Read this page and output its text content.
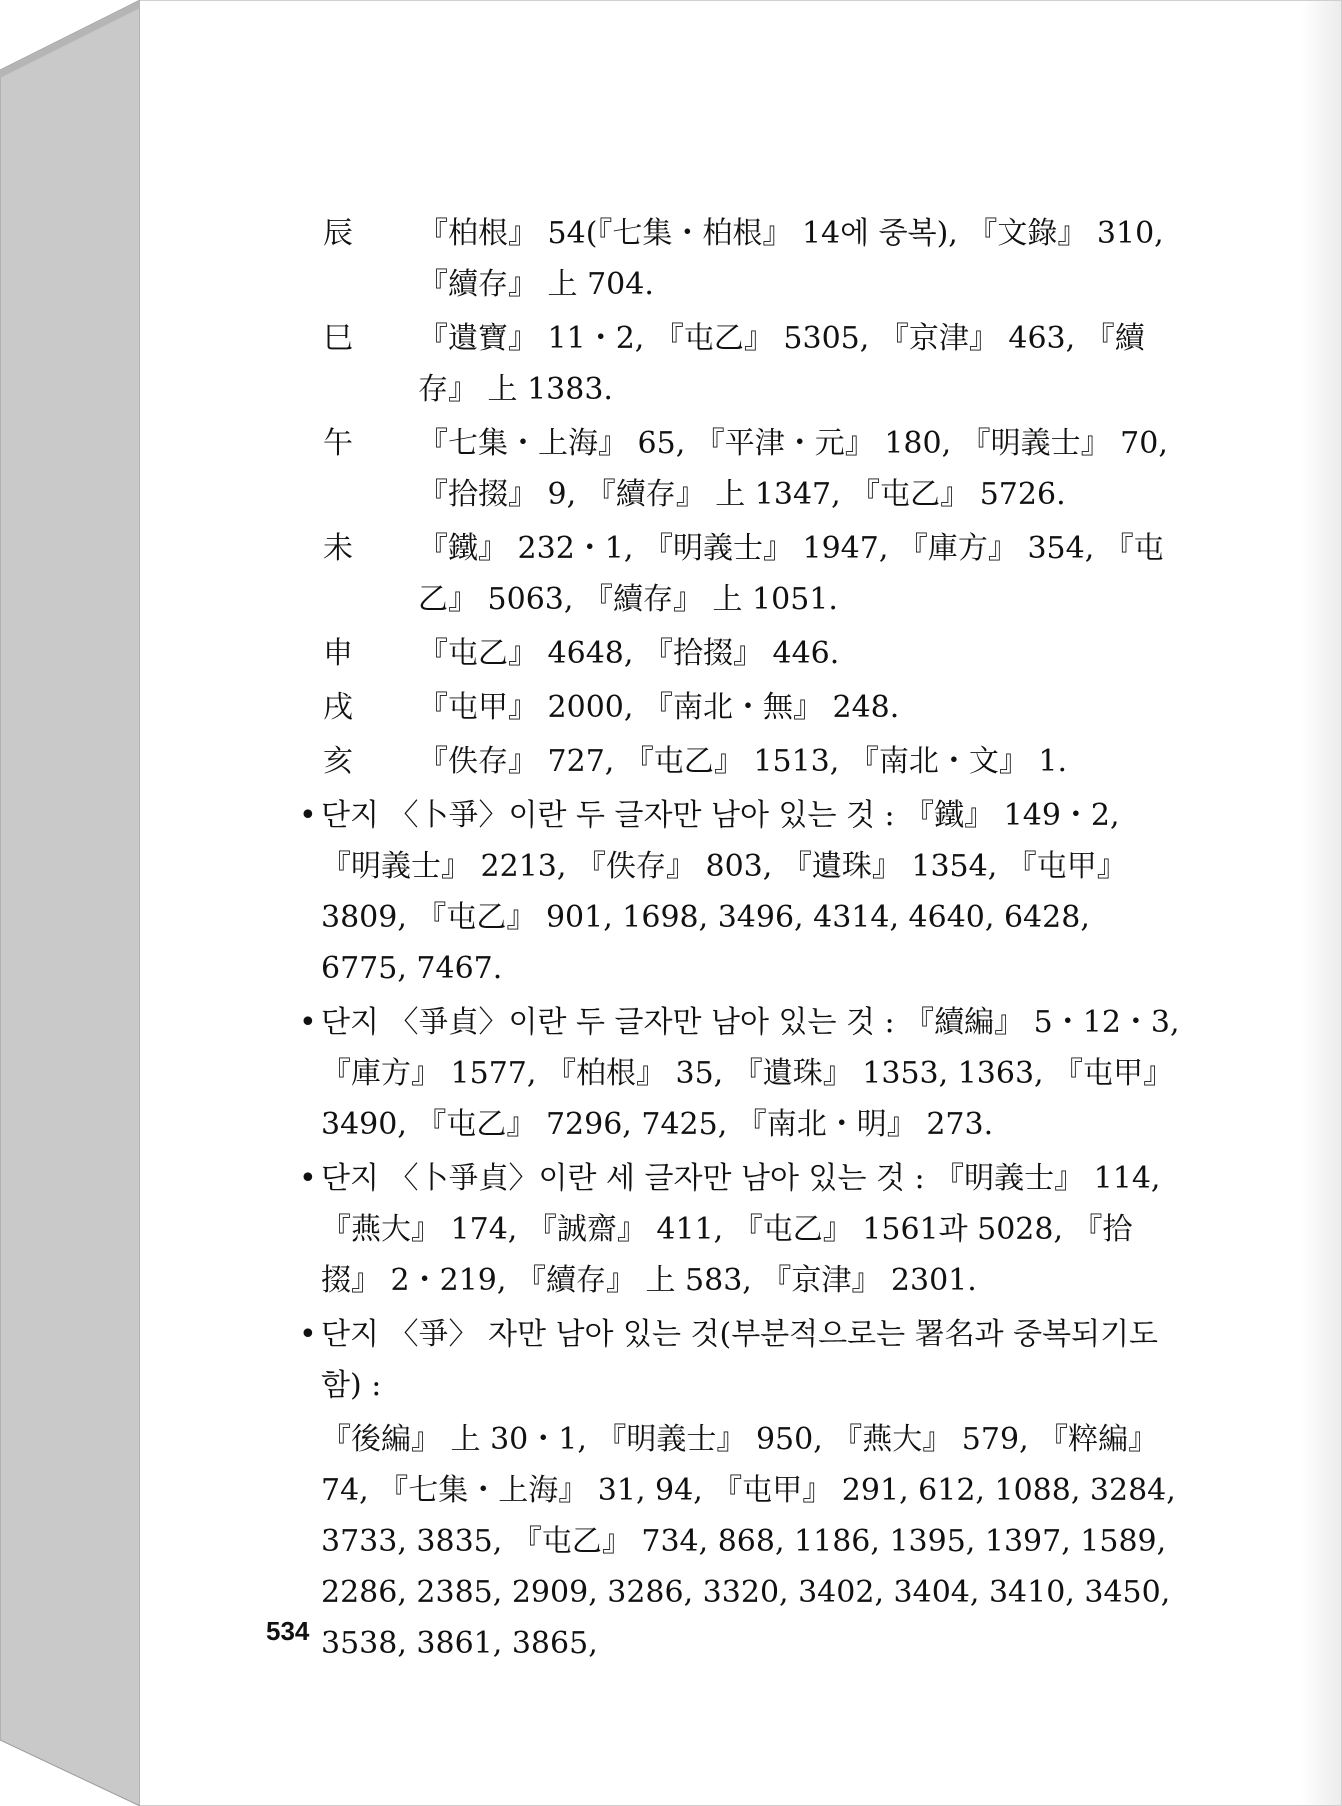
辰	『柏根』 54(『七集・柏根』 14에 중복), 『文錄』 310, 『續存』 上 704.
巳	『遺寶』 11・2, 『屯乙』 5305, 『京津』 463, 『續存』 上 1383.
午	『七集・上海』 65, 『平津・元』 180, 『明義士』 70, 『拾掇』 9, 『續存』 上 1347, 『屯乙』 5726.
未	『鐵』 232・1, 『明義士』 1947, 『庫方』 354, 『屯乙』 5063, 『續存』 上 1051.
申	『屯乙』 4648, 『拾掇』 446.
戌	『屯甲』 2000, 『南北・無』 248.
亥	『佚存』 727, 『屯乙』 1513, 『南北・文』 1.
• 단지 〈卜爭〉이란 두 글자만 남아 있는 것 : 『鐵』 149・2, 『明義士』 2213, 『佚存』 803, 『遺珠』 1354, 『屯甲』 3809, 『屯乙』 901, 1698, 3496, 4314, 4640, 6428, 6775, 7467.

• 단지 〈爭貞〉이란 두 글자만 남아 있는 것 : 『續編』 5・12・3, 『庫方』 1577, 『柏根』 35, 『遺珠』 1353, 1363, 『屯甲』 3490, 『屯乙』 7296, 7425, 『南北・明』 273.

• 단지 〈卜爭貞〉이란 세 글자만 남아 있는 것 : 『明義士』 114, 『燕大』 174, 『誠齋』 411, 『屯乙』 1561과 5028, 『拾掇』 2・219, 『續存』 上 583, 『京津』 2301.

• 단지 〈爭〉 자만 남아 있는 것(부분적으로는 署名과 중복되기도 함) :

『後編』 上 30・1, 『明義士』 950, 『燕大』 579, 『粹編』 74, 『七集・上海』 31, 94, 『屯甲』 291, 612, 1088, 3284, 3733, 3835, 『屯乙』 734, 868, 1186, 1395, 1397, 1589, 2286, 2385, 2909, 3286, 3320, 3402, 3404, 3410, 3450, 3538, 3861, 3865,
534
